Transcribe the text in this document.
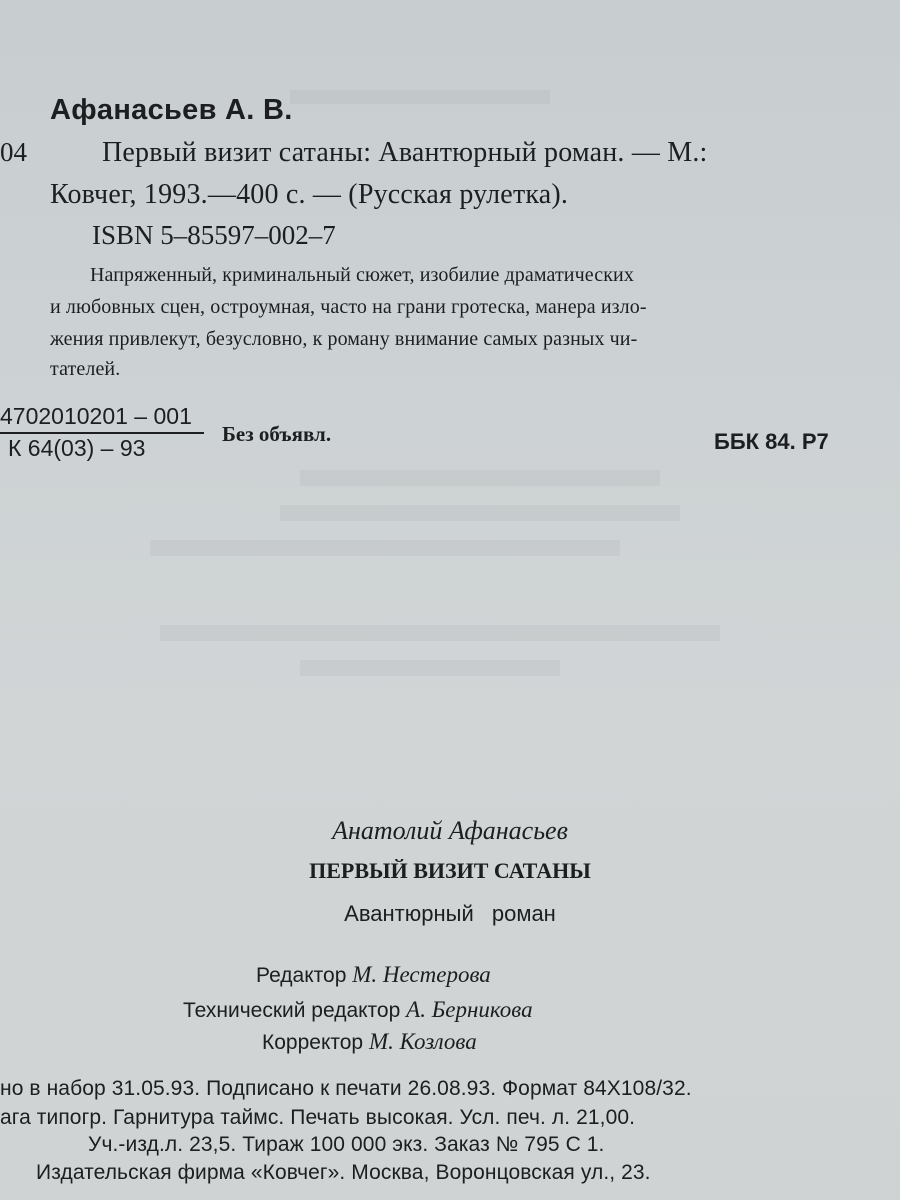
Афанасьев А. В.
04	Первый визит сатаны: Авантюрный роман. — М.:
Ковчег, 1993.—400 с. — (Русская рулетка).
ISBN 5–85597–002–7
Напряженный, криминальный сюжет, изобилие драматических
и любовных сцен, остроумная, часто на грани гротеска, манера изло-
жения привлекут, безусловно, к роману внимание самых разных чи-
тателей.
4702010201 – 001
К 64(03) – 93
Без объявл.	ББК 84. Р7
Анатолий Афанасьев
ПЕРВЫЙ ВИЗИТ САТАНЫ
Авантюрный роман
Редактор М. Нестерова
Технический редактор А. Берникова
Корректор М. Козлова
но в набор 31.05.93. Подписано к печати 26.08.93. Формат 84Х108/32.
ага типогр. Гарнитура таймс. Печать высокая. Усл. печ. л. 21,00.
Уч.-изд.л. 23,5. Тираж 100 000 экз. Заказ № 795 С 1.
Издательская фирма «Ковчег». Москва, Воронцовская ул., 23.
